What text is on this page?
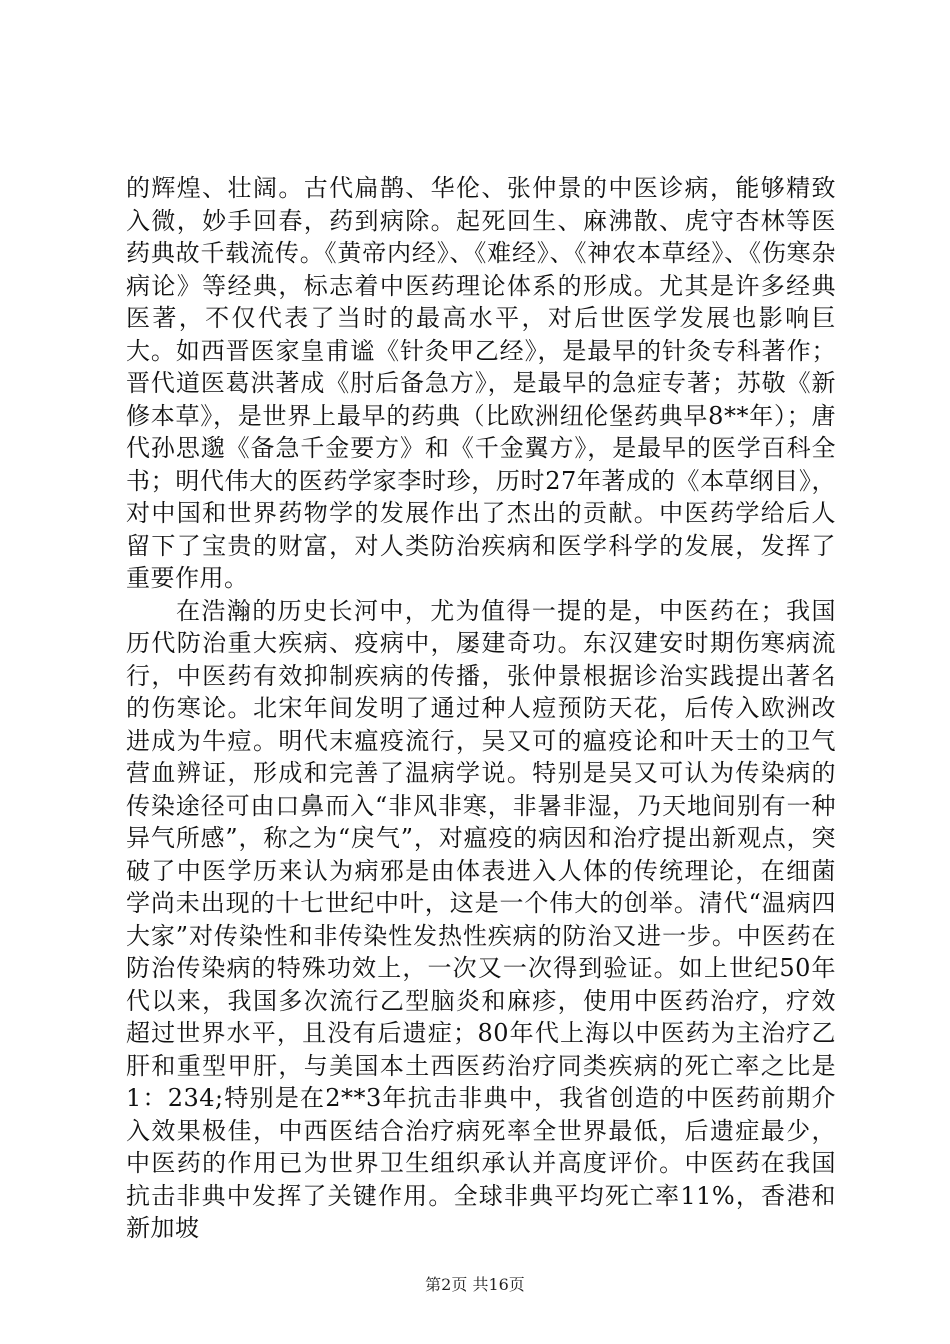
的辉煌、壮阔。古代扁鹊、华伦、张仲景的中医诊病，能够精致入微，妙手回春，药到病除。起死回生、麻沸散、虎守杏林等医药典故千载流传。《黄帝内经》、《难经》、《神农本草经》、《伤寒杂病论》等经典，标志着中医药理论体系的形成。尤其是许多经典医著，不仅代表了当时的最高水平，对后世医学发展也影响巨大。如西晋医家皇甫谧《针灸甲乙经》，是最早的针灸专科著作；晋代道医葛洪著成《肘后备急方》，是最早的急症专著；苏敬《新修本草》，是世界上最早的药典（比欧洲纽伦堡药典早8**年）；唐代孙思邈《备急千金要方》和《千金翼方》，是最早的医学百科全书；明代伟大的医药学家李时珍，历时27年著成的《本草纲目》，对中国和世界药物学的发展作出了杰出的贡献。中医药学给后人留下了宝贵的财富，对人类防治疾病和医学科学的发展，发挥了重要作用。

在浩瀚的历史长河中，尤为值得一提的是，中医药在；我国历代防治重大疾病、疫病中，屡建奇功。东汉建安时期伤寒病流行，中医药有效抑制疾病的传播，张仲景根据诊治实践提出著名的伤寒论。北宋年间发明了通过种人痘预防天花，后传入欧洲改进成为牛痘。明代末瘟疫流行，吴又可的瘟疫论和叶天士的卫气营血辨证，形成和完善了温病学说。特别是吴又可认为传染病的传染途径可由口鼻而入“非风非寒，非暑非湿，乃天地间别有一种异气所感”，称之为“戾气”，对瘟疫的病因和治疗提出新观点，突破了中医学历来认为病邪是由体表进入人体的传统理论，在细菌学尚未出现的十七世纪中叶，这是一个伟大的创举。清代“温病四大家”对传染性和非传染性发热性疾病的防治又进一步。中医药在防治传染病的特殊功效上，一次又一次得到验证。如上世纪50年代以来，我国多次流行乙型脑炎和麻疹，使用中医药治疗，疗效超过世界水平，且没有后遗症；80年代上海以中医药为主治疗乙肝和重型甲肝，与美国本土西医药治疗同类疾病的死亡率之比是1：234;特别是在2**3年抗击非典中，我省创造的中医药前期介入效果极佳，中西医结合治疗病死率全世界最低，后遗症最少，中医药的作用已为世界卫生组织承认并高度评价。中医药在我国抗击非典中发挥了关键作用。全球非典平均死亡率11%，香港和新加坡

第2页 共16页
